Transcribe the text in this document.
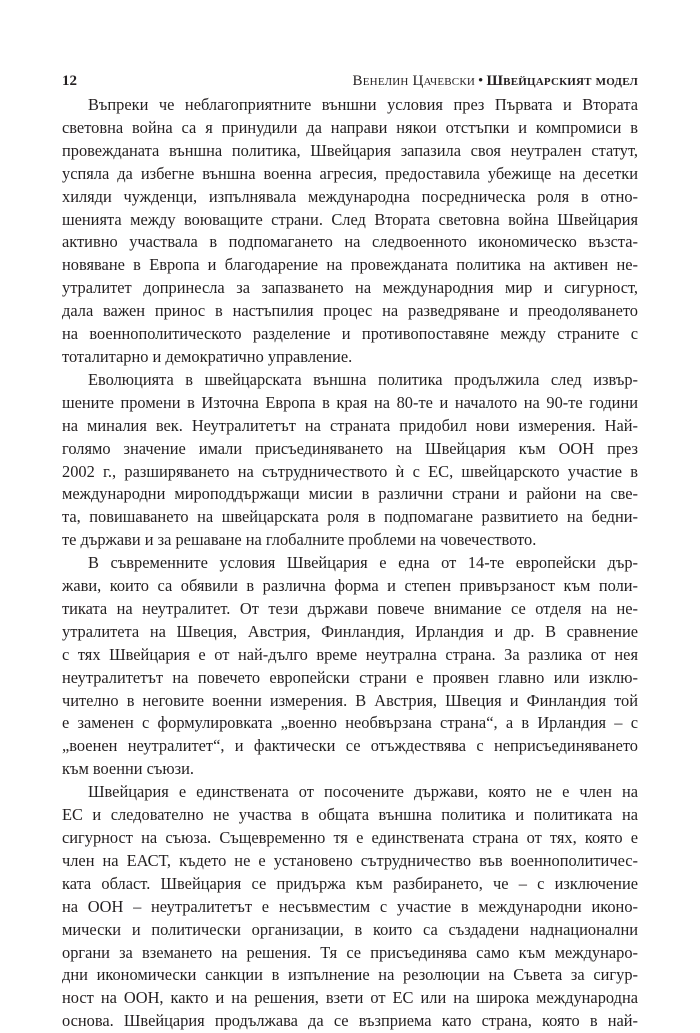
12	Венелин Цачевски • Швейцарският модел

Въпреки че неблагоприятните външни условия през Първата и Втората
световна война са я принудили да направи някои отстъпки и компромиси в
провежданата външна политика, Швейцария запазила своя неутрален статут,
успяла да избегне външна военна агресия, предоставила убежище на десетки
хиляди чужденци, изпълнявала международна посредническа роля в отно-
шенията между воюващите страни. След Втората световна война Швейцария
активно участвала в подпомагането на следвоенното икономическо възста-
новяване в Европа и благодарение на провежданата политика на активен не-
утралитет допринесла за запазването на международния мир и сигурност,
дала важен принос в настъпилия процес на разведряване и преодоляването
на военнополитическото разделение и противопоставяне между страните с
тоталитарно и демократично управление.

Еволюцията в швейцарската външна политика продължила след извър-
шените промени в Източна Европа в края на 80-те и началото на 90-те години
на миналия век. Неутралитетът на страната придобил нови измерения. Най-
голямо значение имали присъединяването на Швейцария към ООН през
2002 г., разширяването на сътрудничеството ѝ с ЕС, швейцарското участие в
международни мироподдържащи мисии в различни страни и райони на све-
та, повишаването на швейцарската роля в подпомагане развитието на бедни-
те държави и за решаване на глобалните проблеми на човечеството.

В съвременните условия Швейцария е една от 14-те европейски дър-
жави, които са обявили в различна форма и степен привързаност към поли-
тиката на неутралитет. От тези държави повече внимание се отделя на не-
утралитета на Швеция, Австрия, Финландия, Ирландия и др. В сравнение
с тях Швейцария е от най-дълго време неутрална страна. За разлика от нея
неутралитетът на повечето европейски страни е проявен главно или изклю-
чително в неговите военни измерения. В Австрия, Швеция и Финландия той
е заменен с формулировката „военно необвързана страна“, а в Ирландия – с
„военен неутралитет“, и фактически се отъждествява с неприсъединяването
към военни съюзи.

Швейцария е единствената от посочените държави, която не е член на
ЕС и следователно не участва в общата външна политика и политиката на
сигурност на съюза. Същевременно тя е единствената страна от тях, която е
член на ЕАСТ, където не е установено сътрудничество във военнополитичес-
ката област. Швейцария се придържа към разбирането, че – с изключение
на ООН – неутралитетът е несъвместим с участие в международни иконо-
мически и политически организации, в които са създадени наднационални
органи за вземането на решения. Тя се присъединява само към междунаро-
дни икономически санкции в изпълнение на резолюции на Съвета за сигур-
ност на ООН, както и на решения, взети от ЕС или на широка международна
основа. Швейцария продължава да се възприема като страна, която в най-
